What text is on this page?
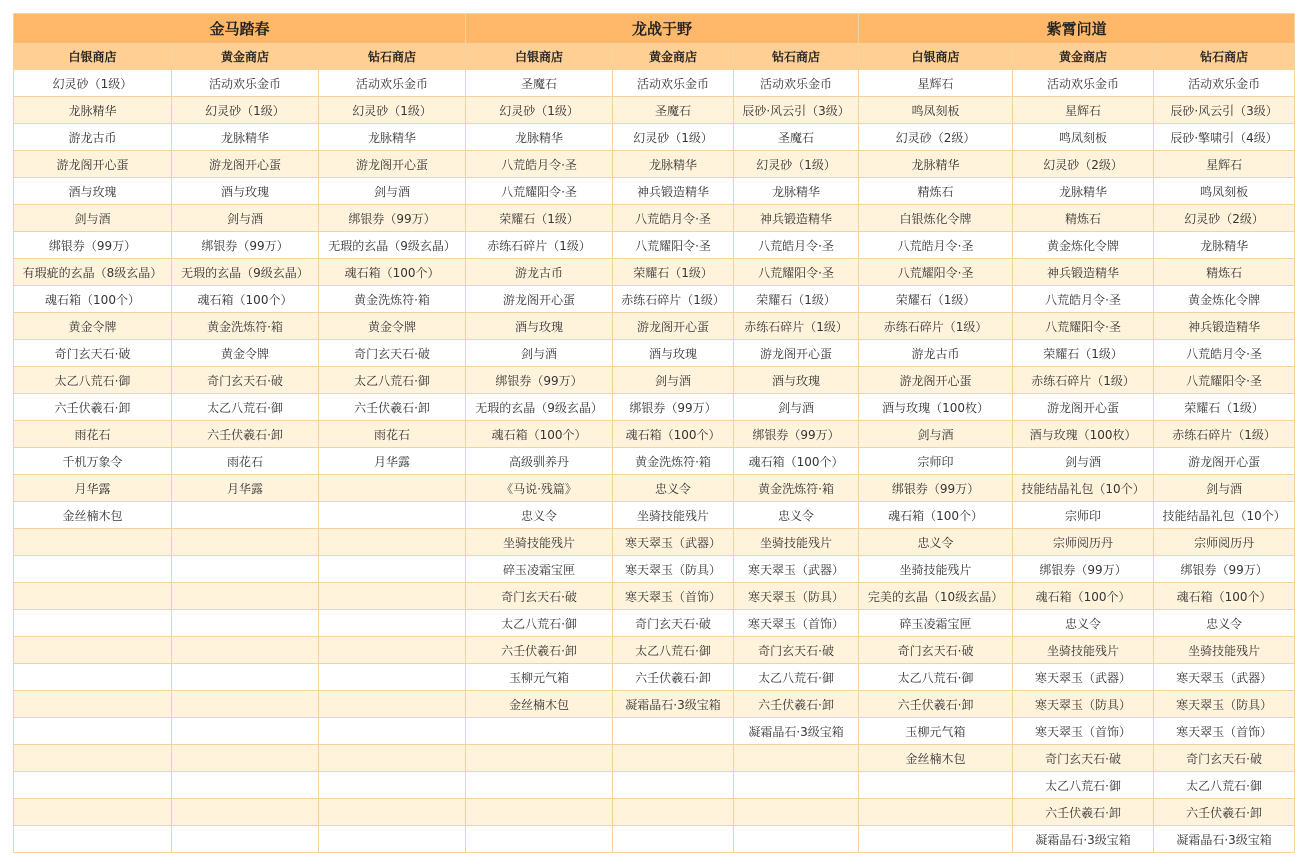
金马踏春			龙战于野			紫霄问道		
白银商店	黄金商店	钻石商店	白银商店	黄金商店	钻石商店	白银商店	黄金商店	钻石商店
幻灵砂（1级）	活动欢乐金币	活动欢乐金币	圣魔石	活动欢乐金币	活动欢乐金币	星辉石	活动欢乐金币	活动欢乐金币
龙脉精华	幻灵砂（1级）	幻灵砂（1级）	幻灵砂（1级）	圣魔石	辰砂·风云引（3级）	鸣凤刻板	星辉石	辰砂·风云引（3级）
游龙古币	龙脉精华	龙脉精华	龙脉精华	幻灵砂（1级）	圣魔石	幻灵砂（2级）	鸣凤刻板	辰砂·擎啸引（4级）
游龙阁开心蛋	游龙阁开心蛋	游龙阁开心蛋	八荒皓月令·圣	龙脉精华	幻灵砂（1级）	龙脉精华	幻灵砂（2级）	星辉石
酒与玫瑰	酒与玫瑰	剑与酒	八荒耀阳令·圣	神兵锻造精华	龙脉精华	精炼石	龙脉精华	鸣凤刻板
剑与酒	剑与酒	绑银券（99万）	荣耀石（1级）	八荒皓月令·圣	神兵锻造精华	白银炼化令牌	精炼石	幻灵砂（2级）
绑银券（99万）	绑银券（99万）	无瑕的玄晶（9级玄晶）	赤练石碎片（1级）	八荒耀阳令·圣	八荒皓月令·圣	八荒皓月令·圣	黄金炼化令牌	龙脉精华
有瑕疵的玄晶（8级玄晶）	无瑕的玄晶（9级玄晶）	魂石箱（100个）	游龙古币	荣耀石（1级）	八荒耀阳令·圣	八荒耀阳令·圣	神兵锻造精华	精炼石
魂石箱（100个）	魂石箱（100个）	黄金洗炼符·箱	游龙阁开心蛋	赤练石碎片（1级）	荣耀石（1级）	荣耀石（1级）	八荒皓月令·圣	黄金炼化令牌
黄金令牌	黄金洗炼符·箱	黄金令牌	酒与玫瑰	游龙阁开心蛋	赤练石碎片（1级）	赤练石碎片（1级）	八荒耀阳令·圣	神兵锻造精华
奇门玄天石·破	黄金令牌	奇门玄天石·破	剑与酒	酒与玫瑰	游龙阁开心蛋	游龙古币	荣耀石（1级）	八荒皓月令·圣
太乙八荒石·御	奇门玄天石·破	太乙八荒石·御	绑银券（99万）	剑与酒	酒与玫瑰	游龙阁开心蛋	赤练石碎片（1级）	八荒耀阳令·圣
六壬伏羲石·卸	太乙八荒石·御	六壬伏羲石·卸	无瑕的玄晶（9级玄晶）	绑银券（99万）	剑与酒	酒与玫瑰（100枚）	游龙阁开心蛋	荣耀石（1级）
雨花石	六壬伏羲石·卸	雨花石	魂石箱（100个）	魂石箱（100个）	绑银券（99万）	剑与酒	酒与玫瑰（100枚）	赤练石碎片（1级）
千机万象令	雨花石	月华露	高级驯养丹	黄金洗炼符·箱	魂石箱（100个）	宗师印	剑与酒	游龙阁开心蛋
月华露	月华露		《马说·残篇》	忠义令	黄金洗炼符·箱	绑银券（99万）	技能结晶礼包（10个）	剑与酒
金丝楠木包			忠义令	坐骑技能残片	忠义令	魂石箱（100个）	宗师印	技能结晶礼包（10个）
			坐骑技能残片	寒天翠玉（武器）	坐骑技能残片	忠义令	宗师阅历丹	宗师阅历丹
			碎玉凌霜宝匣	寒天翠玉（防具）	寒天翠玉（武器）	坐骑技能残片	绑银券（99万）	绑银券（99万）
			奇门玄天石·破	寒天翠玉（首饰）	寒天翠玉（防具）	完美的玄晶（10级玄晶）	魂石箱（100个）	魂石箱（100个）
			太乙八荒石·御	奇门玄天石·破	寒天翠玉（首饰）	碎玉凌霜宝匣	忠义令	忠义令
			六壬伏羲石·卸	太乙八荒石·御	奇门玄天石·破	奇门玄天石·破	坐骑技能残片	坐骑技能残片
			玉柳元气箱	六壬伏羲石·卸	太乙八荒石·御	太乙八荒石·御	寒天翠玉（武器）	寒天翠玉（武器）
			金丝楠木包	凝霜晶石·3级宝箱	六壬伏羲石·卸	六壬伏羲石·卸	寒天翠玉（防具）	寒天翠玉（防具）
					凝霜晶石·3级宝箱	玉柳元气箱	寒天翠玉（首饰）	寒天翠玉（首饰）
						金丝楠木包	奇门玄天石·破	奇门玄天石·破
							太乙八荒石·御	太乙八荒石·御
							六壬伏羲石·卸	六壬伏羲石·卸
							凝霜晶石·3级宝箱	凝霜晶石·3级宝箱
